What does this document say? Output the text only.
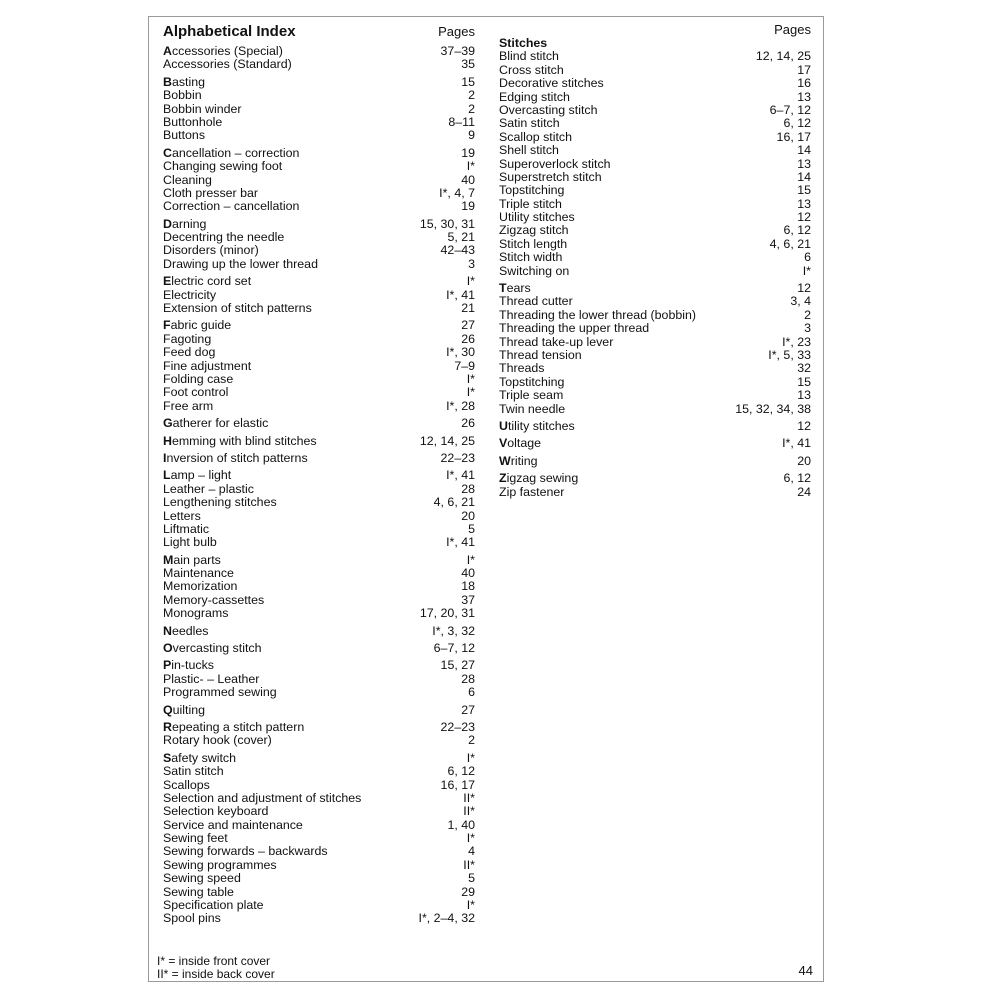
Alphabetical Index	Pages
Accessories (Special)	37–39
Accessories (Standard)	35
Basting	15
Bobbin	2
Bobbin winder	2
Buttonhole	8–11
Buttons	9
Cancellation – correction	19
Changing sewing foot	I*
Cleaning	40
Cloth presser bar	I*, 4, 7
Correction – cancellation	19
Darning	15, 30, 31
Decentring the needle	5, 21
Disorders (minor)	42–43
Drawing up the lower thread	3
Electric cord set	I*
Electricity	I*, 41
Extension of stitch patterns	21
Fabric guide	27
Fagoting	26
Feed dog	I*, 30
Fine adjustment	7–9
Folding case	I*
Foot control	I*
Free arm	I*, 28
Gatherer for elastic	26
Hemming with blind stitches	12, 14, 25
Inversion of stitch patterns	22–23
Lamp – light	I*, 41
Leather – plastic	28
Lengthening stitches	4, 6, 21
Letters	20
Liftmatic	5
Light bulb	I*, 41
Main parts	I*
Maintenance	40
Memorization	18
Memory-cassettes	37
Monograms	17, 20, 31
Needles	I*, 3, 32
Overcasting stitch	6–7, 12
Pin-tucks	15, 27
Plastic- – Leather	28
Programmed sewing	6
Quilting	27
Repeating a stitch pattern	22–23
Rotary hook (cover)	2
Safety switch	I*
Satin stitch	6, 12
Scallops	16, 17
Selection and adjustment of stitches	II*
Selection keyboard	II*
Service and maintenance	1, 40
Sewing feet	I*
Sewing forwards – backwards	4
Sewing programmes	II*
Sewing speed	5
Sewing table	29
Specification plate	I*
Spool pins	I*, 2–4, 32
Pages
Stitches
Blind stitch	12, 14, 25
Cross stitch	17
Decorative stitches	16
Edging stitch	13
Overcasting stitch	6–7, 12
Satin stitch	6, 12
Scallop stitch	16, 17
Shell stitch	14
Superoverlock stitch	13
Superstretch stitch	14
Topstitching	15
Triple stitch	13
Utility stitches	12
Zigzag stitch	6, 12
Stitch length	4, 6, 21
Stitch width	6
Switching on	I*
Tears	12
Thread cutter	3, 4
Threading the lower thread (bobbin)	2
Threading the upper thread	3
Thread take-up lever	I*, 23
Thread tension	I*, 5, 33
Threads	32
Topstitching	15
Triple seam	13
Twin needle	15, 32, 34, 38
Utility stitches	12
Voltage	I*, 41
Writing	20
Zigzag sewing	6, 12
Zip fastener	24
I* = inside front cover
II* = inside back cover	44
